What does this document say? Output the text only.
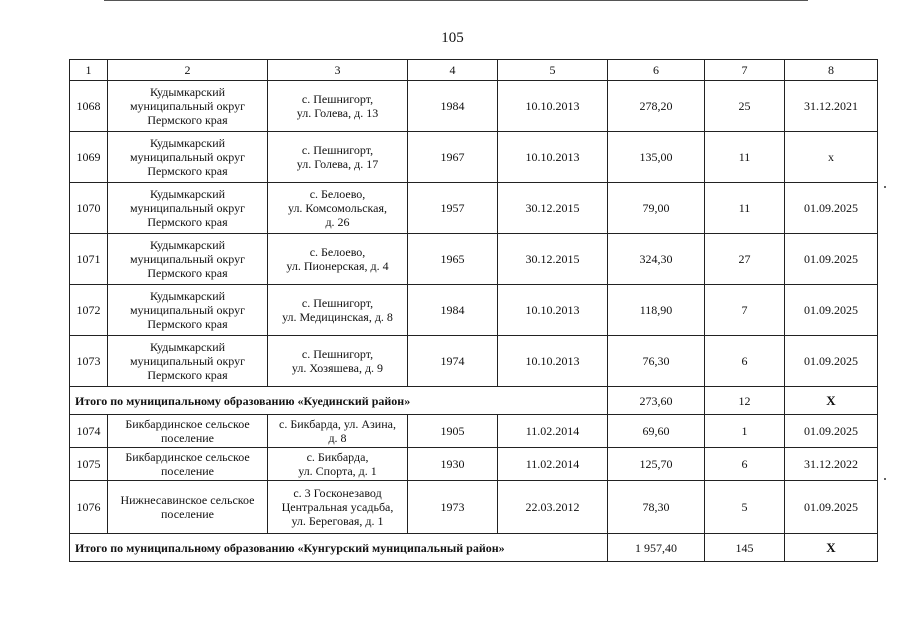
105
1	2	3	4	5	6	7	8
1068	Кудымкарский
муниципальный округ
Пермского края	с. Пешнигорт,
ул. Голева, д. 13	1984	10.10.2013	278,20	25	31.12.2021
1069	Кудымкарский
муниципальный округ
Пермского края	с. Пешнигорт,
ул. Голева, д. 17	1967	10.10.2013	135,00	11	х
1070	Кудымкарский
муниципальный округ
Пермского края	с. Белоево,
ул. Комсомольская,
д. 26	1957	30.12.2015	79,00	11	01.09.2025
1071	Кудымкарский
муниципальный округ
Пермского края	с. Белоево,
ул. Пионерская, д. 4	1965	30.12.2015	324,30	27	01.09.2025
1072	Кудымкарский
муниципальный округ
Пермского края	с. Пешнигорт,
ул. Медицинская, д. 8	1984	10.10.2013	118,90	7	01.09.2025
1073	Кудымкарский
муниципальный округ
Пермского края	с. Пешнигорт,
ул. Хозяшева, д. 9	1974	10.10.2013	76,30	6	01.09.2025
Итого по муниципальному образованию «Куединский район»					273,60	12	Х
1074	Бикбардинское сельское
поселение	с. Бикбарда, ул. Азина,
д. 8	1905	11.02.2014	69,60	1	01.09.2025
1075	Бикбардинское сельское
поселение	с. Бикбарда,
ул. Спорта, д. 1	1930	11.02.2014	125,70	6	31.12.2022
1076	Нижнесавинское сельское
поселение	с. 3 Госконезавод
Центральная усадьба,
ул. Береговая, д. 1	1973	22.03.2012	78,30	5	01.09.2025
Итого по муниципальному образованию «Кунгурский муниципальный район»					1 957,40	145	Х
